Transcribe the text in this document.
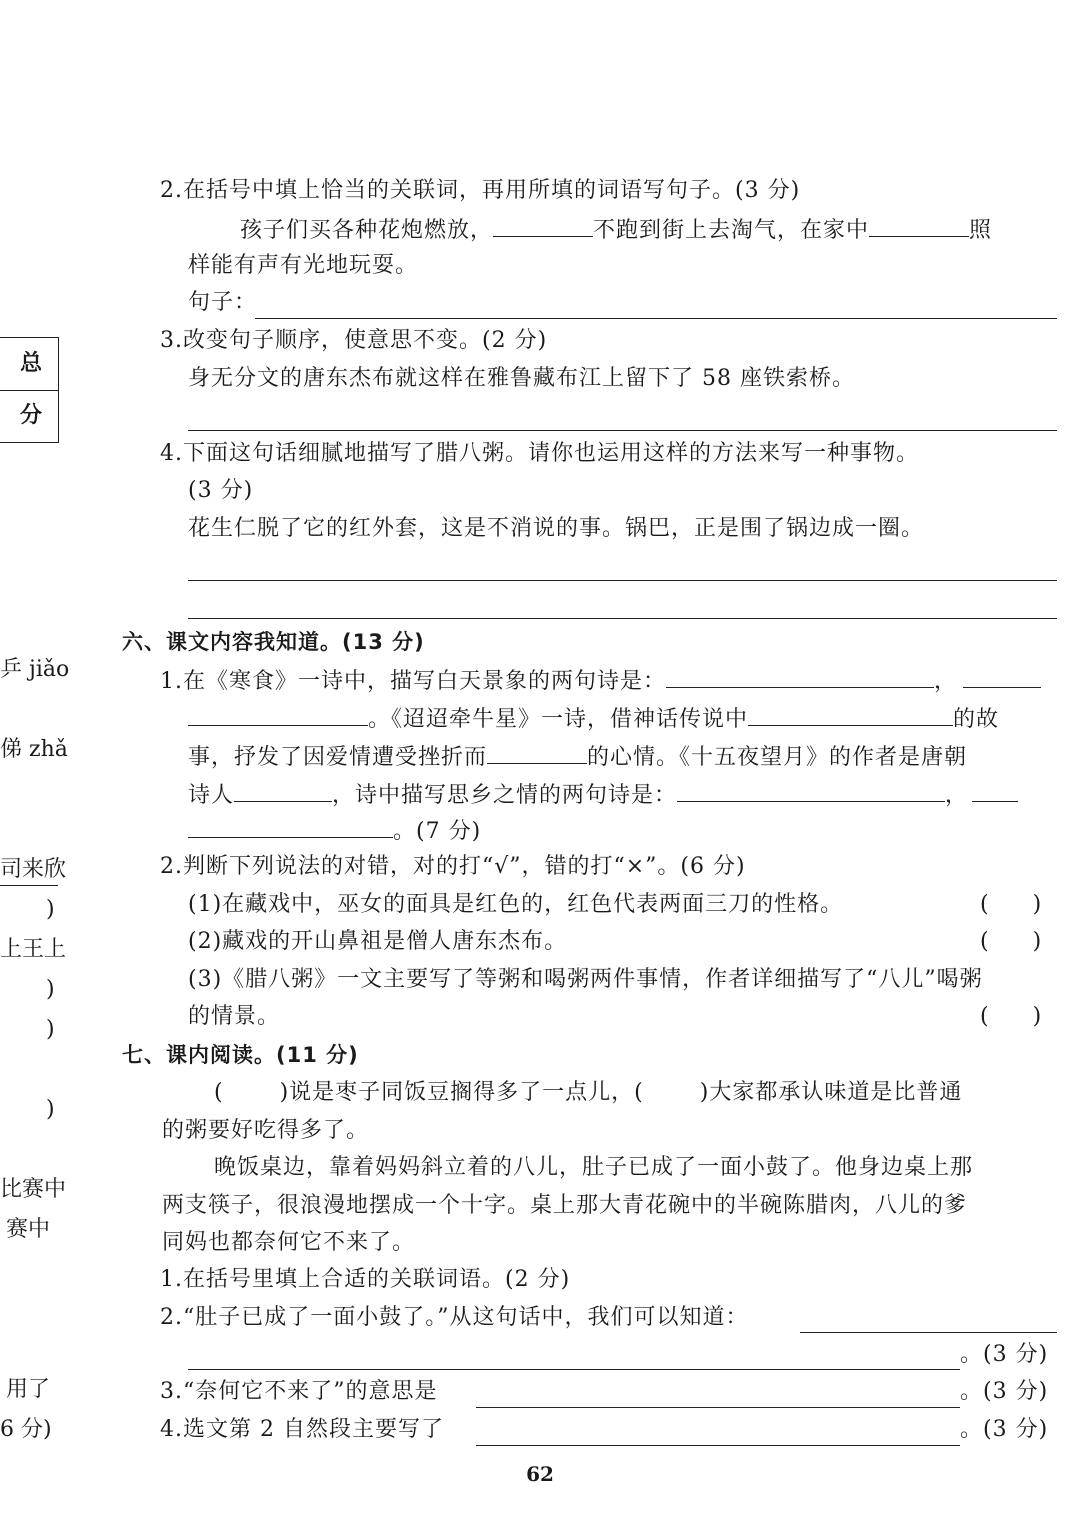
总分
乒 jiǎo
俤 zhǎ
司来欣
)
上王上
)
)
)
比赛中
赛中
用了
6 分)
2.在括号中填上恰当的关联词，再用所填的词语写句子。(3 分)
孩子们买各种花炮燃放，	不跑到街上去淘气，在家中	照
样能有声有光地玩耍。
句子：
3.改变句子顺序，使意思不变。(2 分)
身无分文的唐东杰布就这样在雅鲁藏布江上留下了 58 座铁索桥。
4.下面这句话细腻地描写了腊八粥。请你也运用这样的方法来写一种事物。
(3 分)
花生仁脱了它的红外套，这是不消说的事。锅巴，正是围了锅边成一圈。
六、课文内容我知道。(13 分)
1.在《寒食》一诗中，描写白天景象的两句诗是：	，
。《迢迢牵牛星》一诗，借神话传说中	的故
事，抒发了因爱情遭受挫折而	的心情。《十五夜望月》的作者是唐朝
诗人	，诗中描写思乡之情的两句诗是：	，
。(7 分)
2.判断下列说法的对错，对的打“√”，错的打“×”。(6 分)
(1)在藏戏中，巫女的面具是红色的，红色代表两面三刀的性格。	(　　)
(2)藏戏的开山鼻祖是僧人唐东杰布。	(　　)
(3)《腊八粥》一文主要写了等粥和喝粥两件事情，作者详细描写了“八儿”喝粥
的情景。	(　　)
七、课内阅读。(11 分)
(	)说是枣子同饭豆搁得多了一点儿，(	)大家都承认味道是比普通
的粥要好吃得多了。
晚饭桌边，靠着妈妈斜立着的八儿，肚子已成了一面小鼓了。他身边桌上那
两支筷子，很浪漫地摆成一个十字。桌上那大青花碗中的半碗陈腊肉，八儿的爹
同妈也都奈何它不来了。
1.在括号里填上合适的关联词语。(2 分)
2.“肚子已成了一面小鼓了。”从这句话中，我们可以知道：
。(3 分)
3.“奈何它不来了”的意思是	。(3 分)
4.选文第 2 自然段主要写了	。(3 分)
62
